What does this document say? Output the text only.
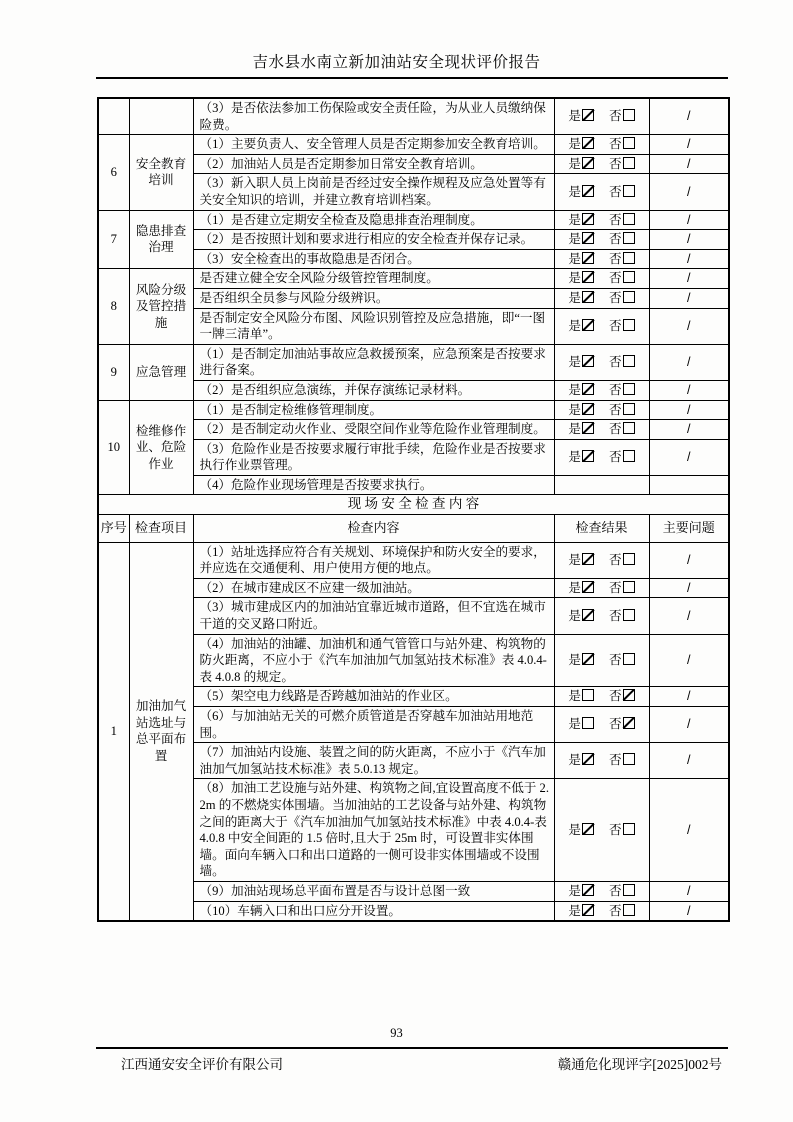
吉水县水南立新加油站安全现状评价报告
		（3）是否依法参加工伤保险或安全责任险，为从业人员缴纳保险费。	是 否	/
6	安全教育培训	（1）主要负责人、安全管理人员是否定期参加安全教育培训。	是 否	/
		（2）加油站人员是否定期参加日常安全教育培训。	是 否	/
		（3）新入职人员上岗前是否经过安全操作规程及应急处置等有关安全知识的培训，并建立教育培训档案。	是 否	/
7	隐患排查治理	（1）是否建立定期安全检查及隐患排查治理制度。	是 否	/
		（2）是否按照计划和要求进行相应的安全检查并保存记录。	是 否	/
		（3）安全检查出的事故隐患是否闭合。	是 否	/
8	风险分级及管控措施	是否建立健全安全风险分级管控管理制度。	是 否	/
		是否组织全员参与风险分级辨识。	是 否	/
		是否制定安全风险分布图、风险识别管控及应急措施，即“一图一牌三清单”。	是 否	/
9	应急管理	（1）是否制定加油站事故应急救援预案，应急预案是否按要求进行备案。	是 否	/
		（2）是否组织应急演练，并保存演练记录材料。	是 否	/
10	检维修作业、危险作业	（1）是否制定检维修管理制度。	是 否	/
		（2）是否制定动火作业、受限空间作业等危险作业管理制度。	是 否	/
		（3）危险作业是否按要求履行审批手续，危险作业是否按要求执行作业票管理。	是 否	/
		（4）危险作业现场管理是否按要求执行。		
现 场 安 全 检 查 内 容				
序号	检查项目	检查内容	检查结果	主要问题
1	加油加气站选址与总平面布置	（1）站址选择应符合有关规划、环境保护和防火安全的要求，并应选在交通便利、用户使用方便的地点。	是 否	/
		（2）在城市建成区不应建一级加油站。	是 否	/
		（3）城市建成区内的加油站宜靠近城市道路，但不宜选在城市干道的交叉路口附近。	是 否	/
		（4）加油站的油罐、加油机和通气管管口与站外建、构筑物的防火距离，不应小于《汽车加油加气加氢站技术标准》表 4.0.4-表 4.0.8 的规定。	是 否	/
		（5）架空电力线路是否跨越加油站的作业区。	是 否	/
		（6）与加油站无关的可燃介质管道是否穿越车加油站用地范围。	是 否	/
		（7）加油站内设施、装置之间的防火距离，不应小于《汽车加油加气加氢站技术标准》表 5.0.13 规定。	是 否	/
		（8）加油工艺设施与站外建、构筑物之间,宜设置高度不低于 2.2m 的不燃烧实体围墙。当加油站的工艺设备与站外建、构筑物之间的距离大于《汽车加油加气加氢站技术标准》中表 4.0.4-表 4.0.8 中安全间距的 1.5 倍时,且大于 25m 时，可设置非实体围墙。面向车辆入口和出口道路的一侧可设非实体围墙或不设围墙。	是 否	/
		（9）加油站现场总平面布置是否与设计总图一致	是 否	/
		（10）车辆入口和出口应分开设置。	是 否	/
93
江西通安安全评价有限公司	赣通危化现评字[2025]002号
